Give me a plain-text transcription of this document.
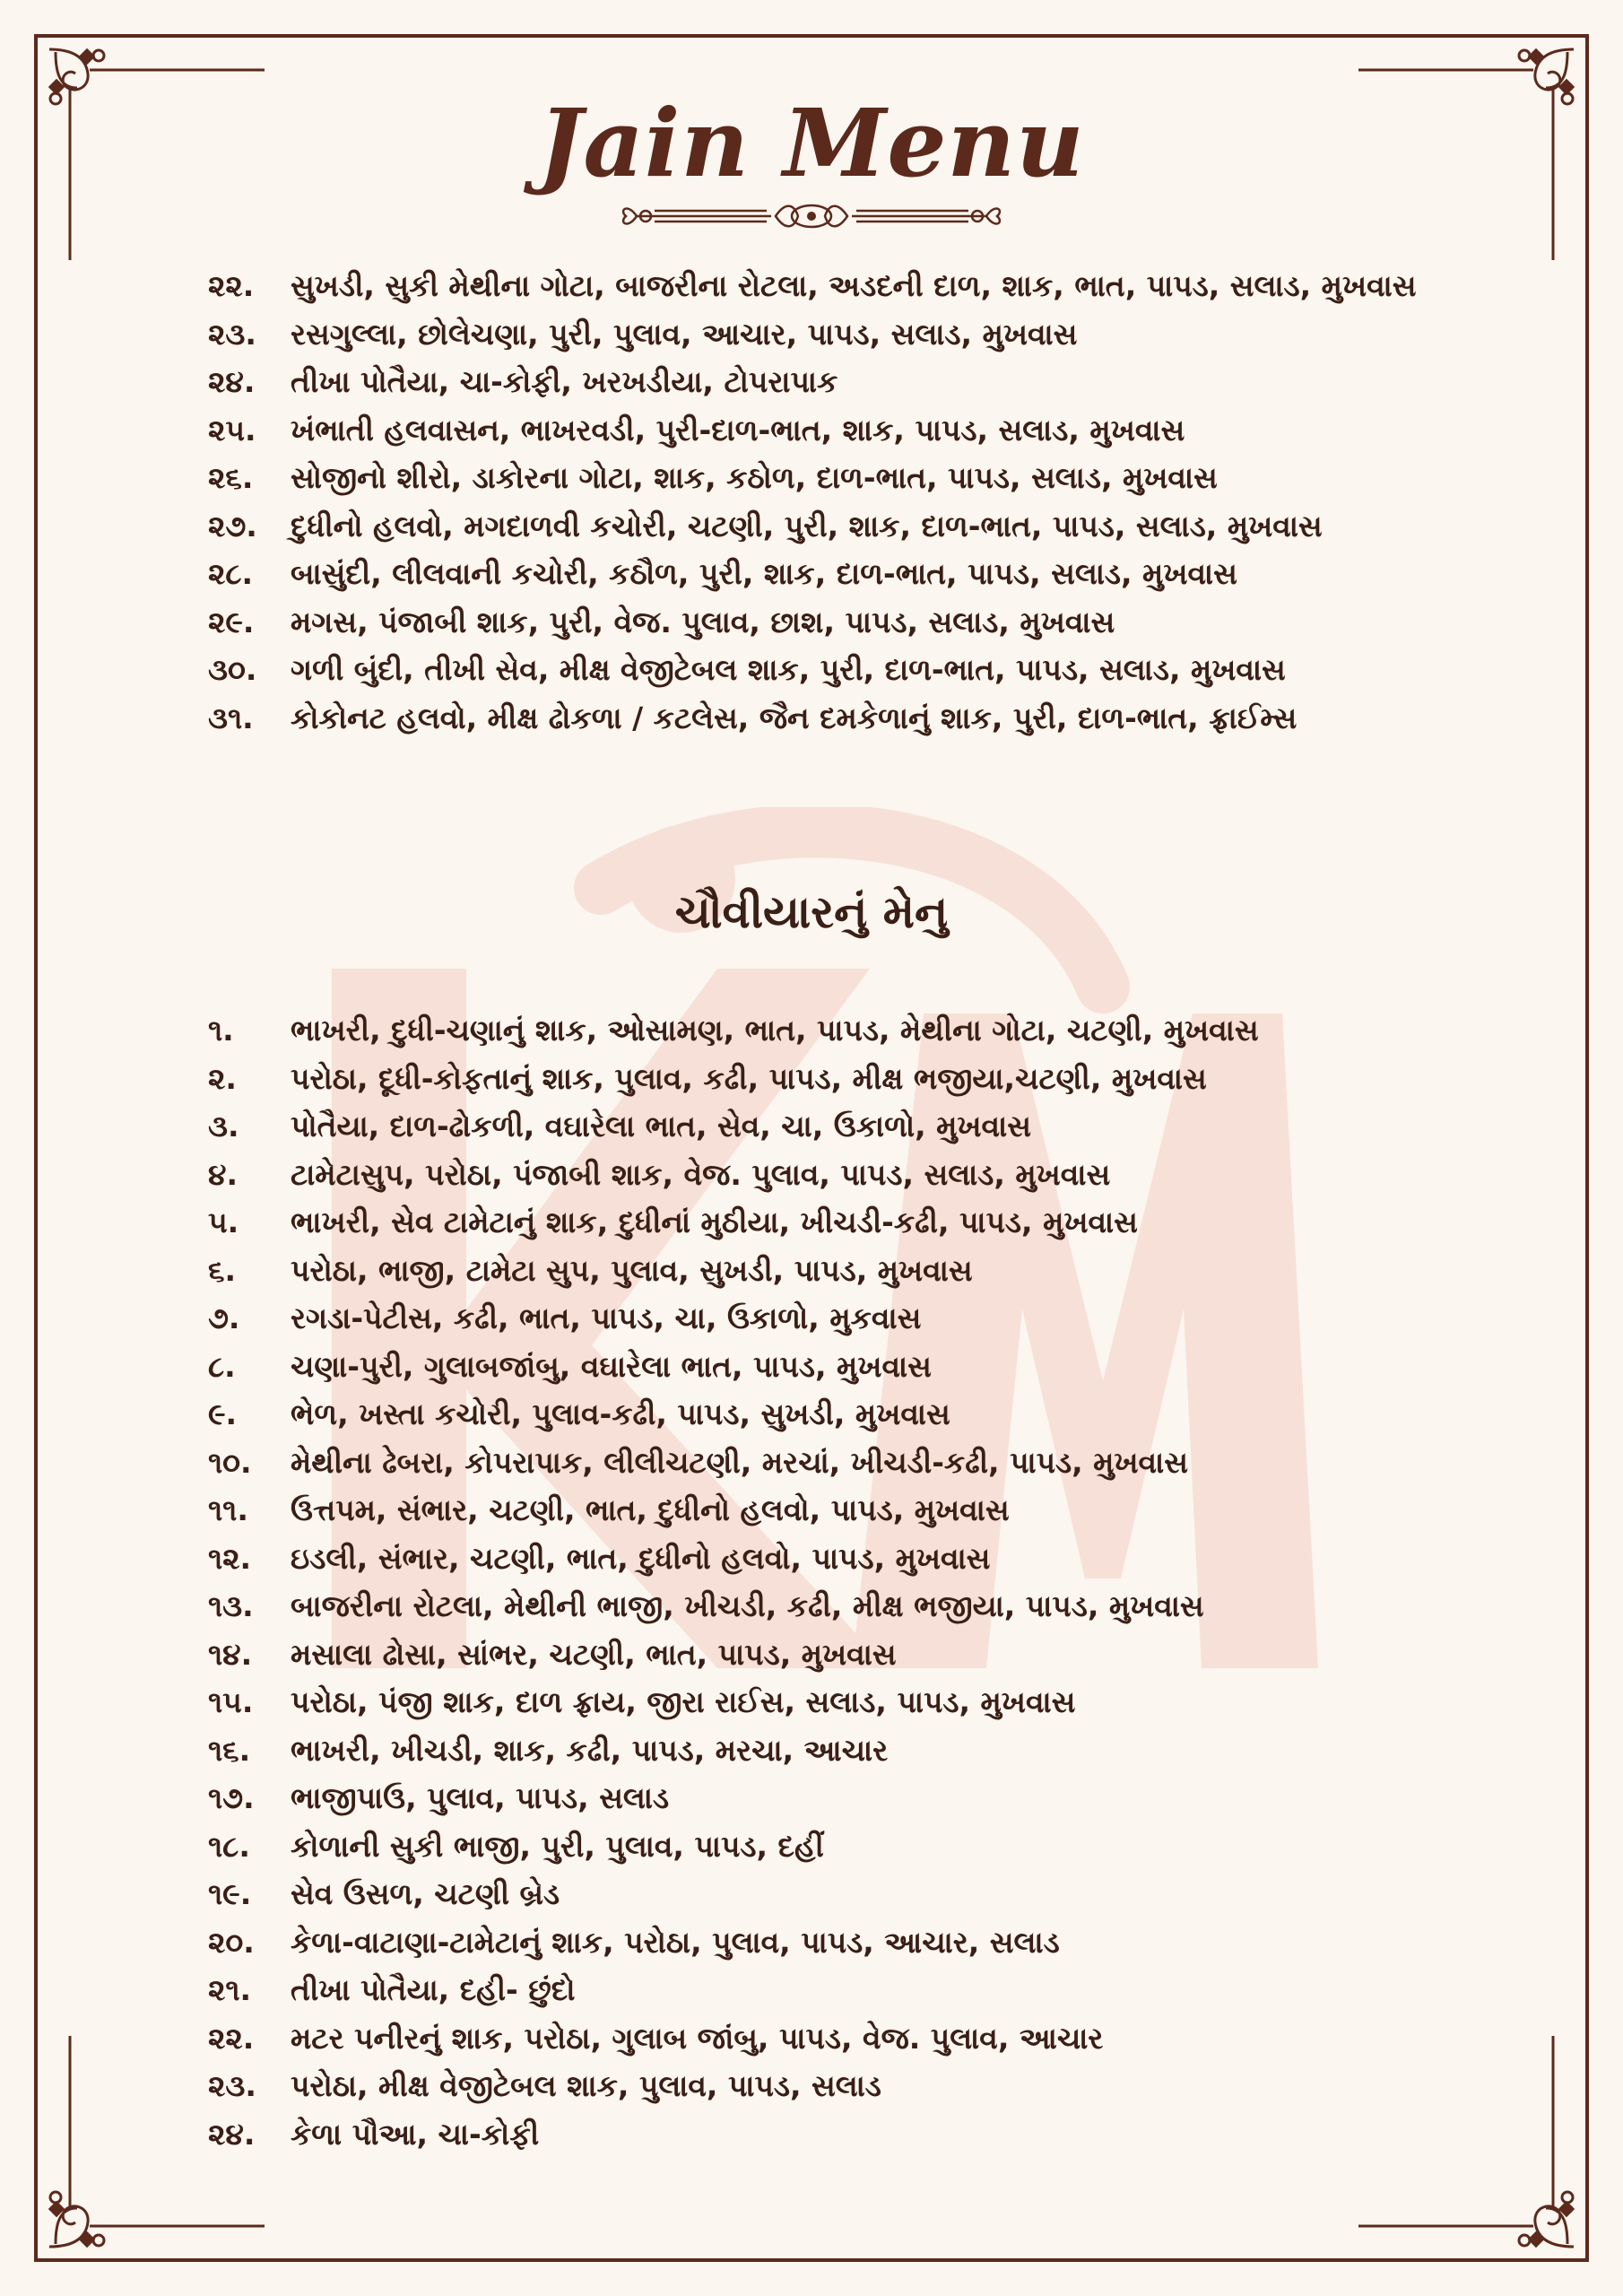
Jain Menu
૨૨.	સુખડી, સુકી મેથીના ગોટા, બાજરીના રોટલા, અડદની દાળ, શાક, ભાત, પાપડ, સલાડ, મુખવાસ
૨૩.	રસગુલ્લા, છોલેચણા, પુરી, પુલાવ, આચાર, પાપડ, સલાડ, મુખવાસ
૨૪.	તીખા પોતૈયા, ચા-કોફી, ખરખડીયા, ટોપરાપાક
૨૫.	ખંભાતી હલવાસન, ભાખરવડી, પુરી-દાળ-ભાત, શાક, પાપડ, સલાડ, મુખવાસ
૨૬.	સોજીનો શીરો, ડાકોરના ગોટા, શાક, કઠોળ, દાળ-ભાત, પાપડ, સલાડ, મુખવાસ
૨૭.	દુધીનો હલવો, મગદાળવી કચોરી, ચટણી, પુરી, શાક, દાળ-ભાત, પાપડ, સલાડ, મુખવાસ
૨૮.	બાસુંદી, લીલવાની કચોરી, કઠૌળ, પુરી, શાક, દાળ-ભાત, પાપડ, સલાડ, મુખવાસ
૨૯.	મગસ, પંજાબી શાક, પુરી, વેજ. પુલાવ, છાશ, પાપડ, સલાડ, મુખવાસ
૩૦.	ગળી બુંદી, તીખી સેવ, મીક્ષ વેજીટેબલ શાક, પુરી, દાળ-ભાત, પાપડ, સલાડ, મુખવાસ
૩૧.	કોકોનટ હલવો, મીક્ષ ઢોકળા / કટલેસ, જૈન દમકેળાનું શાક, પુરી, દાળ-ભાત, ફ્રાઈમ્સ
ચૌવીયારનું મેનુ
૧.	ભાખરી, દુધી-ચણાનું શાક, ઓસામણ, ભાત, પાપડ, મેથીના ગોટા, ચટણી, મુખવાસ
૨.	પરોઠા, દૂધી-કોફતાનું શાક, પુલાવ, કઢી, પાપડ, મીક્ષ ભજીયા,ચટણી, મુખવાસ
૩.	પોતૈયા, દાળ-ઢોકળી, વઘારેલા ભાત, સેવ, ચા, ઉકાળો, મુખવાસ
૪.	ટામેટાસુપ, પરોઠા, પંજાબી શાક, વેજ. પુલાવ, પાપડ, સલાડ, મુખવાસ
૫.	ભાખરી, સેવ ટામેટાનું શાક, દુધીનાં મુઠીયા, ખીચડી-કઢી, પાપડ, મુખવાસ
૬.	પરોઠા, ભાજી, ટામેટા સુપ, પુલાવ, સુખડી, પાપડ, મુખવાસ
૭.	રગડા-પેટીસ, કઢી, ભાત, પાપડ, ચા, ઉકાળો, મુકવાસ
૮.	ચણા-પુરી, ગુલાબજાંબુ, વઘારેલા ભાત, પાપડ, મુખવાસ
૯.	ભેળ, ખસ્તા કચોરી, પુલાવ-કઢી, પાપડ, સુખડી, મુખવાસ
૧૦.	મેથીના ઢેબરા, કોપરાપાક, લીલીચટણી, મરચાં, ખીચડી-કઢી, પાપડ, મુખવાસ
૧૧.	ઉત્તપમ, સંભાર, ચટણી, ભાત, દુધીનો હલવો, પાપડ, મુખવાસ
૧૨.	ઇડલી, સંભાર, ચટણી, ભાત, દુધીનો હલવો, પાપડ, મુખવાસ
૧૩.	બાજરીના રોટલા, મેથીની ભાજી, ખીચડી, કઢી, મીક્ષ ભજીયા, પાપડ, મુખવાસ
૧૪.	મસાલા ઢોસા, સાંભર, ચટણી, ભાત, પાપડ, મુખવાસ
૧૫.	પરોઠા, પંજી શાક, દાળ ફ્રાય, જીરા રાઈસ, સલાડ, પાપડ, મુખવાસ
૧૬.	ભાખરી, ખીચડી, શાક, કઢી, પાપડ, મરચા, આચાર
૧૭.	ભાજીપાઉ, પુલાવ, પાપડ, સલાડ
૧૮.	કોળાની સુકી ભાજી, પુરી, પુલાવ, પાપડ, દહીં
૧૯.	સેવ ઉસળ, ચટણી બ્રેડ
૨૦.	કેળા-વાટાણા-ટામેટાનું શાક, પરોઠા, પુલાવ, પાપડ, આચાર, સલાડ
૨૧.	તીખા પોતૈયા, દહી- છુંદો
૨૨.	મટર પનીરનું શાક, પરોઠા, ગુલાબ જાંબુ, પાપડ, વેજ. પુલાવ, આચાર
૨૩.	પરોઠા, મીક્ષ વેજીટેબલ શાક, પુલાવ, પાપડ, સલાડ
૨૪.	કેળા પૌઆ, ચા-કોફી
